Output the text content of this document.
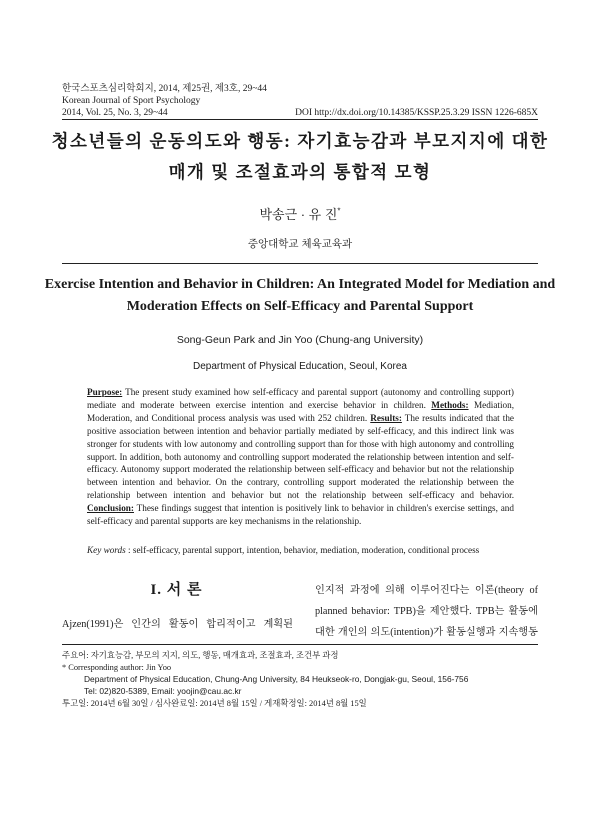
한국스포츠심리학회지, 2014, 제25권, 제3호, 29~44
Korean Journal of Sport Psychology
2014, Vol. 25, No. 3, 29~44	DOI http://dx.doi.org/10.14385/KSSP.25.3.29 ISSN 1226-685X
청소년들의 운동의도와 행동: 자기효능감과 부모지지에 대한
매개 및 조절효과의 통합적 모형
박송근 · 유 진*
중앙대학교 체육교육과
Exercise Intention and Behavior in Children: An Integrated Model for Mediation and
Moderation Effects on Self-Efficacy and Parental Support
Song-Geun Park and Jin Yoo (Chung-ang University)
Department of Physical Education, Seoul, Korea
Purpose: The present study examined how self-efficacy and parental support (autonomy and controlling support) mediate and moderate between exercise intention and exercise behavior in children. Methods: Mediation, Moderation, and Conditional process analysis was used with 252 children. Results: The results indicated that the positive association between intention and behavior partially mediated by self-efficacy, and this indirect link was stronger for students with low autonomy and controlling support than for those with high autonomy and controlling support. In addition, both autonomy and controlling support moderated the relationship between intention and self-efficacy. Autonomy support moderated the relationship between self-efficacy and behavior but not the relationship between intention and behavior. On the contrary, controlling support moderated the relationship between the relationship between intention and behavior but not the relationship between self-efficacy and behavior. Conclusion: These findings suggest that intention is positively link to behavior in children's exercise settings, and self-efficacy and parental supports are key mechanisms in the relationship.
Key words : self-efficacy, parental support, intention, behavior, mediation, moderation, conditional process
I. 서 론
Ajzen(1991)은 인간의 활동이 합리적이고 계획된
인지적 과정에 의해 이루어진다는 이론(theory of
planned behavior: TPB)을 제안했다. TPB는 활동에
대한 개인의 의도(intention)가 활동실행과 지속행동
주요어: 자기효능감, 부모의 지지, 의도, 행동, 매개효과, 조절효과, 조건부 과정
* Corresponding author: Jin Yoo
Department of Physical Education, Chung-Ang University, 84 Heukseok-ro, Dongjak-gu, Seoul, 156-756
Tel: 02)820-5389, Email: yoojin@cau.ac.kr
투고일: 2014년 6월 30일 / 심사완료일: 2014년 8월 15일 / 게재확정일: 2014년 8월 15일
